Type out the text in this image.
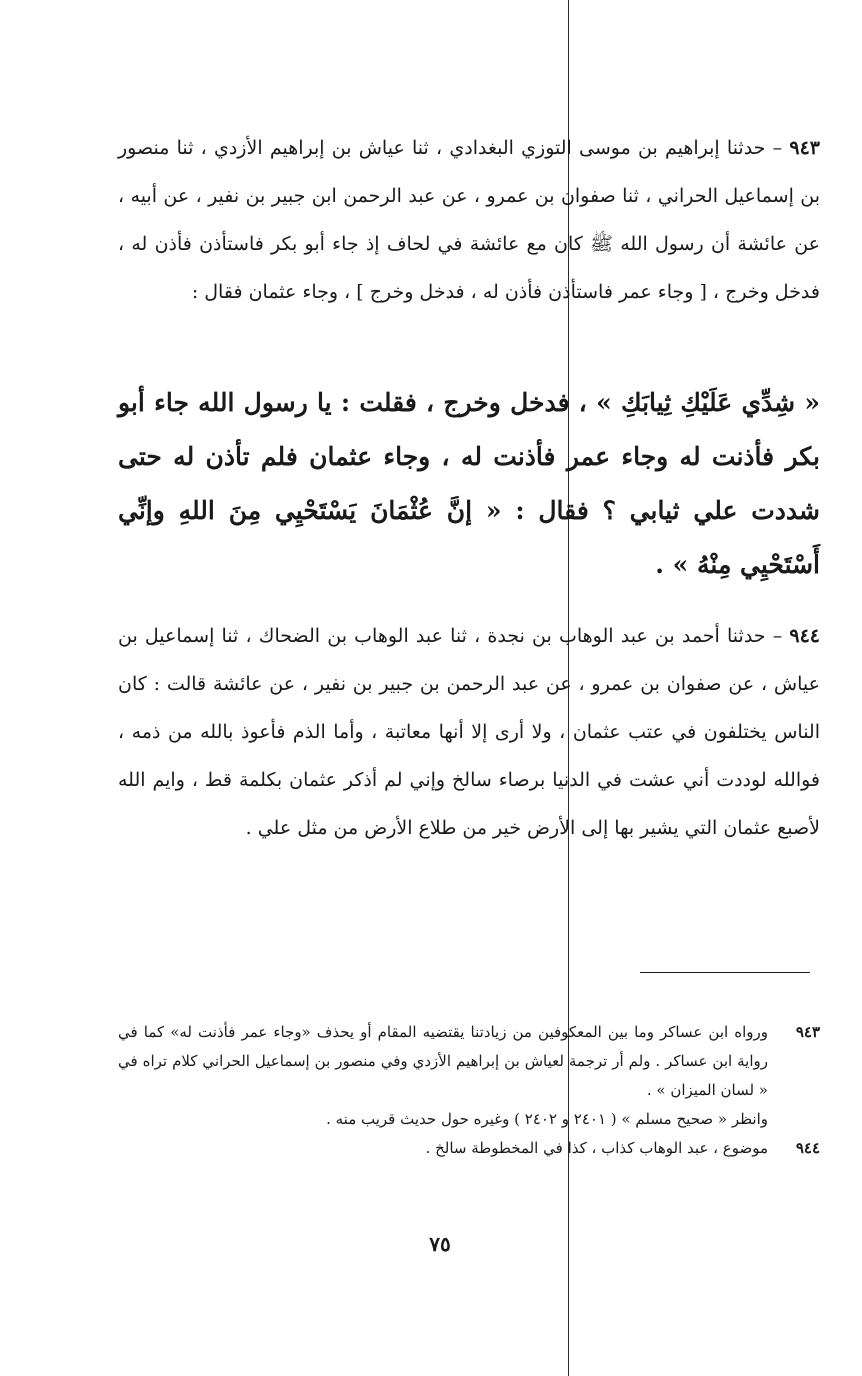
٩٤٣ – حدثنا إبراهيم بن موسى التوزي البغدادي ، ثنا عياش بن إبراهيم الأزدي ، ثنا منصور بن إسماعيل الحراني ، ثنا صفوان بن عمرو ، عن عبد الرحمن ابن جبير بن نفير ، عن أبيه ، عن عائشة أن رسول الله ﷺ كان مع عائشة في لحاف إذ جاء أبو بكر فاستأذن فأذن له ، فدخل وخرج ، [ وجاء عمر فاستأذن فأذن له ، فدخل وخرج ] ، وجاء عثمان فقال :

« شِدِّي عَلَيْكِ ثِيابَكِ » ، فدخل وخرج ، فقلت : يا رسول الله جاء أبو بكر فأذنت له وجاء عمر فأذنت له ، وجاء عثمان فلم تأذن له حتى شددت علي ثيابي ؟ فقال : « إنَّ عُثْمَانَ يَسْتَحْيِي مِنَ اللهِ وإنِّي أَسْتَحْيِي مِنْهُ » .

٩٤٤ – حدثنا أحمد بن عبد الوهاب بن نجدة ، ثنا عبد الوهاب بن الضحاك ، ثنا إسماعيل بن عياش ، عن صفوان بن عمرو ، عن عبد الرحمن بن جبير بن نفير ، عن عائشة قالت : كان الناس يختلفون في عتب عثمان ، ولا أرى إلا أنها معاتبة ، وأما الذم فأعوذ بالله من ذمه ، فوالله لوددت أني عشت في الدنيا برصاء سالخ وإني لم أذكر عثمان بكلمة قط ، وايم الله لأصبع عثمان التي يشير بها إلى الأرض خير من طلاع الأرض من مثل علي .

٩٤٣
ورواه ابن عساكر وما بين المعكوفين من زيادتنا يقتضيه المقام أو يحذف «وجاء عمر فأذنت له» كما في رواية ابن عساكر . ولم أر ترجمة لعياش بن إبراهيم الأزدي وفي منصور بن إسماعيل الحراني كلام تراه في « لسان الميزان » .
وانظر « صحيح مسلم » ( ٢٤٠١ و ٢٤٠٢ ) وغيره حول حديث قريب منه .
٩٤٤
موضوع ، عبد الوهاب كذاب ، كذا في المخطوطة سالخ .
٧٥
